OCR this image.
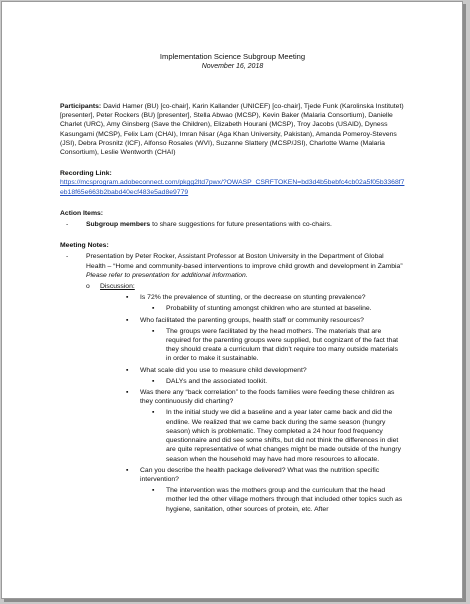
Implementation Science Subgroup Meeting
November 16, 2018
Participants: David Hamer (BU) [co-chair], Karin Kallander (UNICEF) [co-chair], Tjede Funk (Karolinska Institutet) [presenter], Peter Rockers (BU) [presenter], Stella Abwao (MCSP), Kevin Baker (Malaria Consortium), Danielle Charlet (URC), Amy Ginsberg (Save the Children), Elizabeth Hourani (MCSP), Troy Jacobs (USAID), Dyness Kasungami (MCSP), Felix Lam (CHAI), Imran Nisar (Aga Khan University, Pakistan), Amanda Pomeroy-Stevens (JSI), Debra Prosnitz (ICF), Alfonso Rosales (WVI), Suzanne Slattery (MCSP/JSI), Charlotte Warne (Malaria Consortium), Leslie Wentworth (CHAI)
Recording Link:
https://mcsprogram.adobeconnect.com/pkgg2ltd7pwx/?OWASP_CSRFTOKEN=bd3d4b5bebfc4cb02a5f05b3368f7eb18f65e663b2babd40ecf483e5ad8e9779
Action Items:
-	Subgroup members to share suggestions for future presentations with co-chairs.
Meeting Notes:
-	Presentation by Peter Rocker, Assistant Professor at Boston University in the Department of Global Health – “Home and community-based interventions to improve child growth and development in Zambia”
Please refer to presentation for additional information.
o	Discussion:
▪	Is 72% the prevalence of stunting, or the decrease on stunting prevalence?
▪	Probability of stunting amongst children who are stunted at baseline.
▪	Who facilitated the parenting groups, health staff or community resources?
▪	The groups were facilitated by the head mothers. The materials that are required for the parenting groups were supplied, but cognizant of the fact that they should create a curriculum that didn’t require too many outside materials in order to make it sustainable.
▪	What scale did you use to measure child development?
▪	DALYs and the associated toolkit.
▪	Was there any “back correlation” to the foods families were feeding these children as they continuously did charting?
▪	In the initial study we did a baseline and a year later came back and did the endline. We realized that we came back during the same season (hungry season) which is problematic. They completed a 24 hour food frequency questionnaire and did see some shifts, but did not think the differences in diet are quite representative of what changes might be made outside of the hungry season when the household may have had more resources to allocate.
▪	Can you describe the health package delivered? What was the nutrition specific intervention?
▪	The intervention was the mothers group and the curriculum that the head mother led the other village mothers through that included other topics such as hygiene, sanitation, other sources of protein, etc. After
